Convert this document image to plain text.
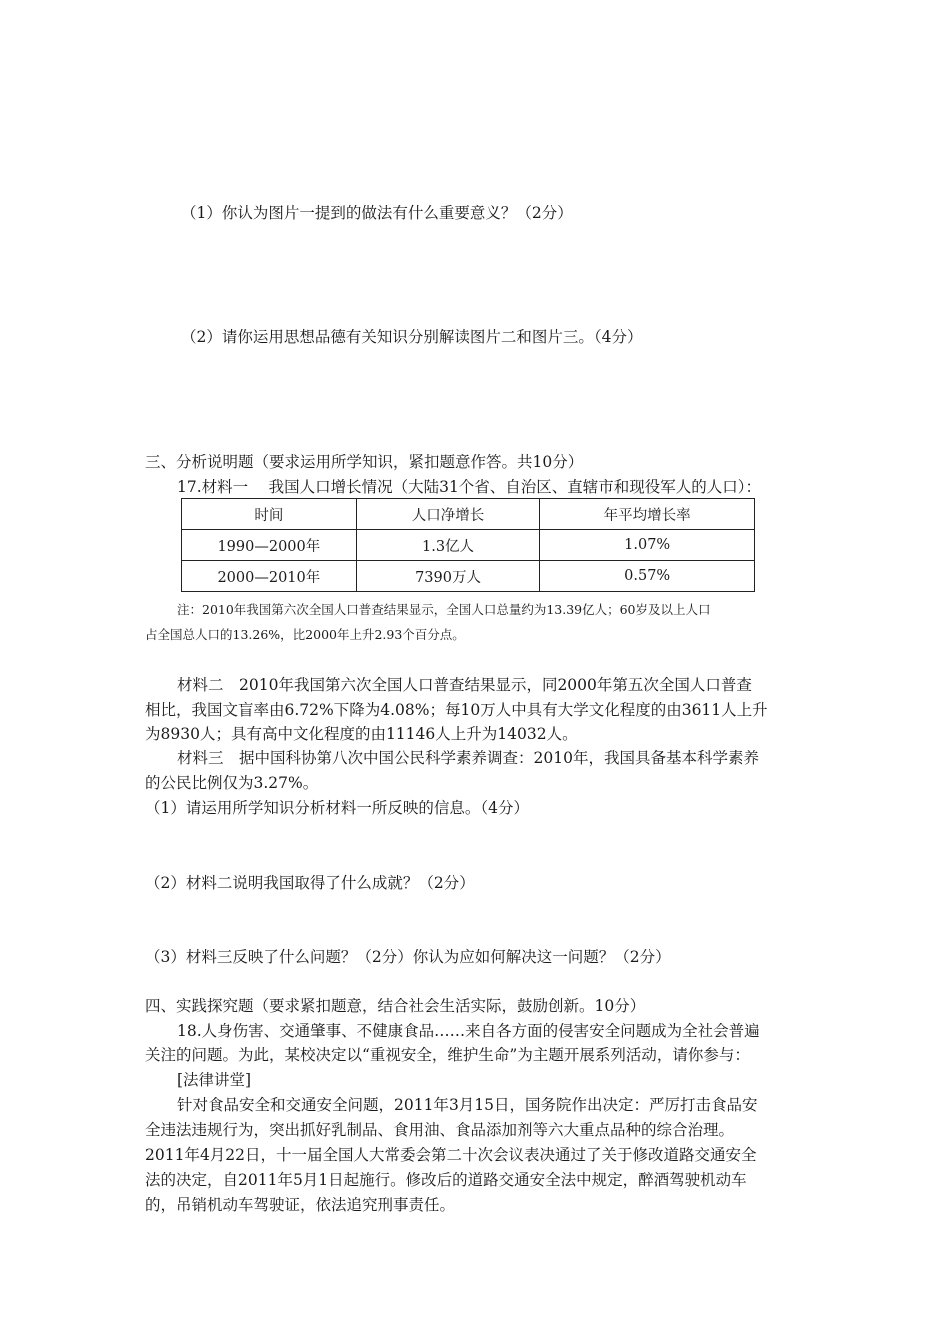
（1）你认为图片一提到的做法有什么重要意义？（2分）
（2）请你运用思想品德有关知识分别解读图片二和图片三。（4分）
三、分析说明题（要求运用所学知识，紧扣题意作答。共10分）
17.材料一　 我国人口增长情况（大陆31个省、自治区、直辖市和现役军人的人口）：
时间	人口净增长	年平均增长率
1990—2000年	1.3亿人	1.07%
2000—2010年	7390万人	0.57%
注：2010年我国第六次全国人口普查结果显示，全国人口总量约为13.39亿人；60岁及以上人口
占全国总人口的13.26%，比2000年上升2.93个百分点。
材料二　2010年我国第六次全国人口普查结果显示，同2000年第五次全国人口普查
相比，我国文盲率由6.72%下降为4.08%；每10万人中具有大学文化程度的由3611人上升
为8930人；具有高中文化程度的由11146人上升为14032人。
材料三　据中国科协第八次中国公民科学素养调查：2010年，我国具备基本科学素养
的公民比例仅为3.27%。
（1）请运用所学知识分析材料一所反映的信息。（4分）
（2）材料二说明我国取得了什么成就？（2分）
（3）材料三反映了什么问题？（2分）你认为应如何解决这一问题？（2分）
四、实践探究题（要求紧扣题意，结合社会生活实际，鼓励创新。10分）
18.人身伤害、交通肇事、不健康食品……来自各方面的侵害安全问题成为全社会普遍
关注的问题。为此，某校决定以“重视安全，维护生命”为主题开展系列活动，请你参与：
[法律讲堂]
针对食品安全和交通安全问题，2011年3月15日，国务院作出决定：严厉打击食品安
全违法违规行为，突出抓好乳制品、食用油、食品添加剂等六大重点品种的综合治理。
2011年4月22日，十一届全国人大常委会第二十次会议表决通过了关于修改道路交通安全
法的决定，自2011年5月1日起施行。修改后的道路交通安全法中规定，醉酒驾驶机动车
的，吊销机动车驾驶证，依法追究刑事责任。
